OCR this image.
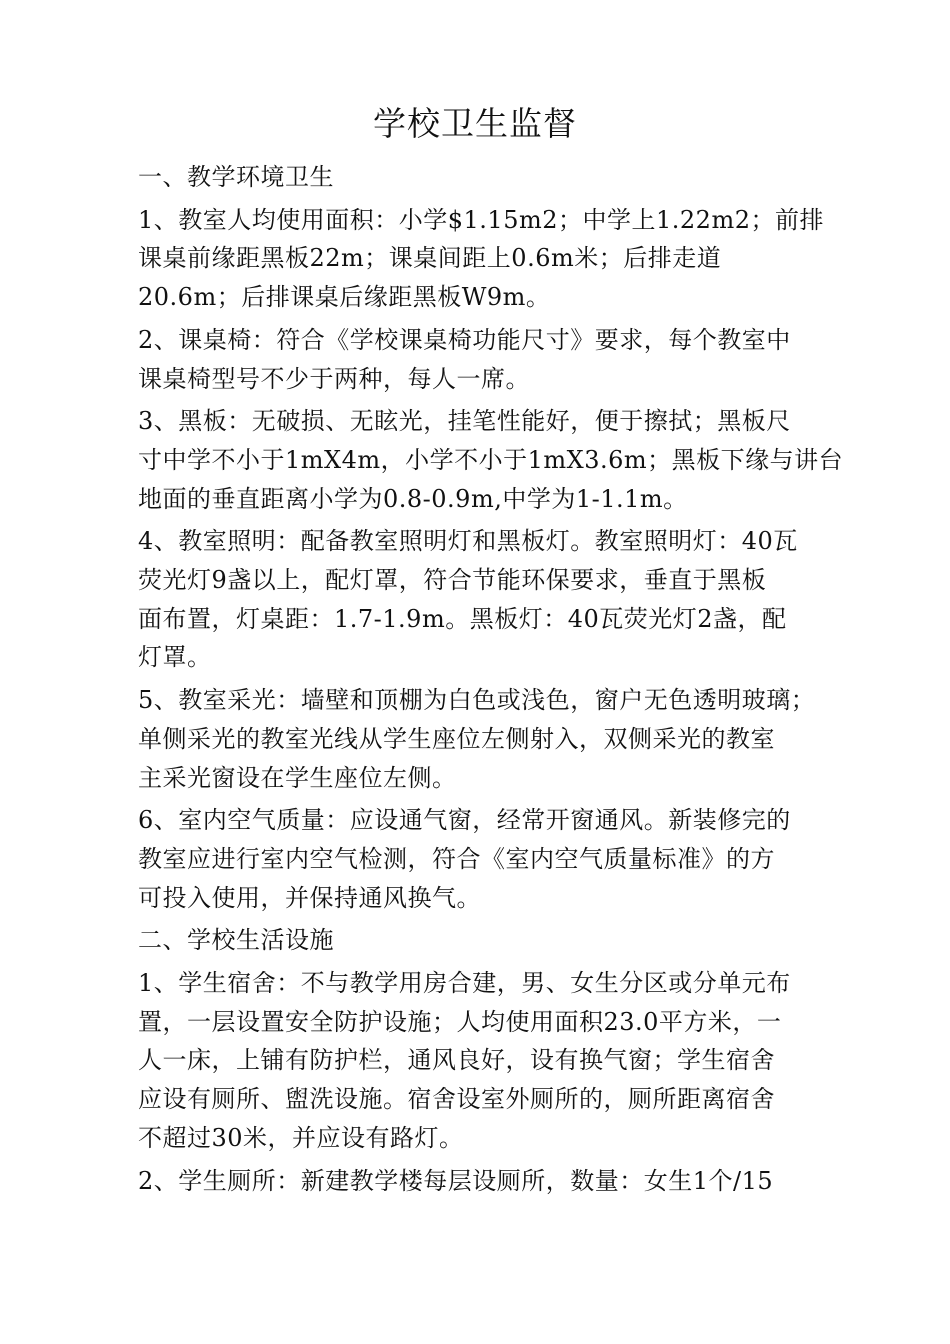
学校卫生监督
一、教学环境卫生
1、教室人均使用面积：小学$1.15m2；中学上1.22m2；前排
课桌前缘距黑板22m；课桌间距上0.6m米；后排走道
20.6m；后排课桌后缘距黑板W9m。
2、课桌椅：符合《学校课桌椅功能尺寸》要求，每个教室中
课桌椅型号不少于两种，每人一席。
3、黑板：无破损、无眩光，挂笔性能好，便于擦拭；黑板尺
寸中学不小于1mX4m，小学不小于1mX3.6m；黑板下缘与讲台
地面的垂直距离小学为0.8-0.9m,中学为1-1.1m。
4、教室照明：配备教室照明灯和黑板灯。教室照明灯：40瓦
荧光灯9盏以上，配灯罩，符合节能环保要求，垂直于黑板
面布置，灯桌距：1.7-1.9m。黑板灯：40瓦荧光灯2盏，配
灯罩。
5、教室采光：墙壁和顶棚为白色或浅色，窗户无色透明玻璃；
单侧采光的教室光线从学生座位左侧射入，双侧采光的教室
主采光窗设在学生座位左侧。
6、室内空气质量：应设通气窗，经常开窗通风。新装修完的
教室应进行室内空气检测，符合《室内空气质量标准》的方
可投入使用，并保持通风换气。
二、学校生活设施
1、学生宿舍：不与教学用房合建，男、女生分区或分单元布
置，一层设置安全防护设施；人均使用面积23.0平方米，一
人一床，上铺有防护栏，通风良好，设有换气窗；学生宿舍
应设有厕所、盥洗设施。宿舍设室外厕所的，厕所距离宿舍
不超过30米，并应设有路灯。
2、学生厕所：新建教学楼每层设厕所，数量：女生1个/15
